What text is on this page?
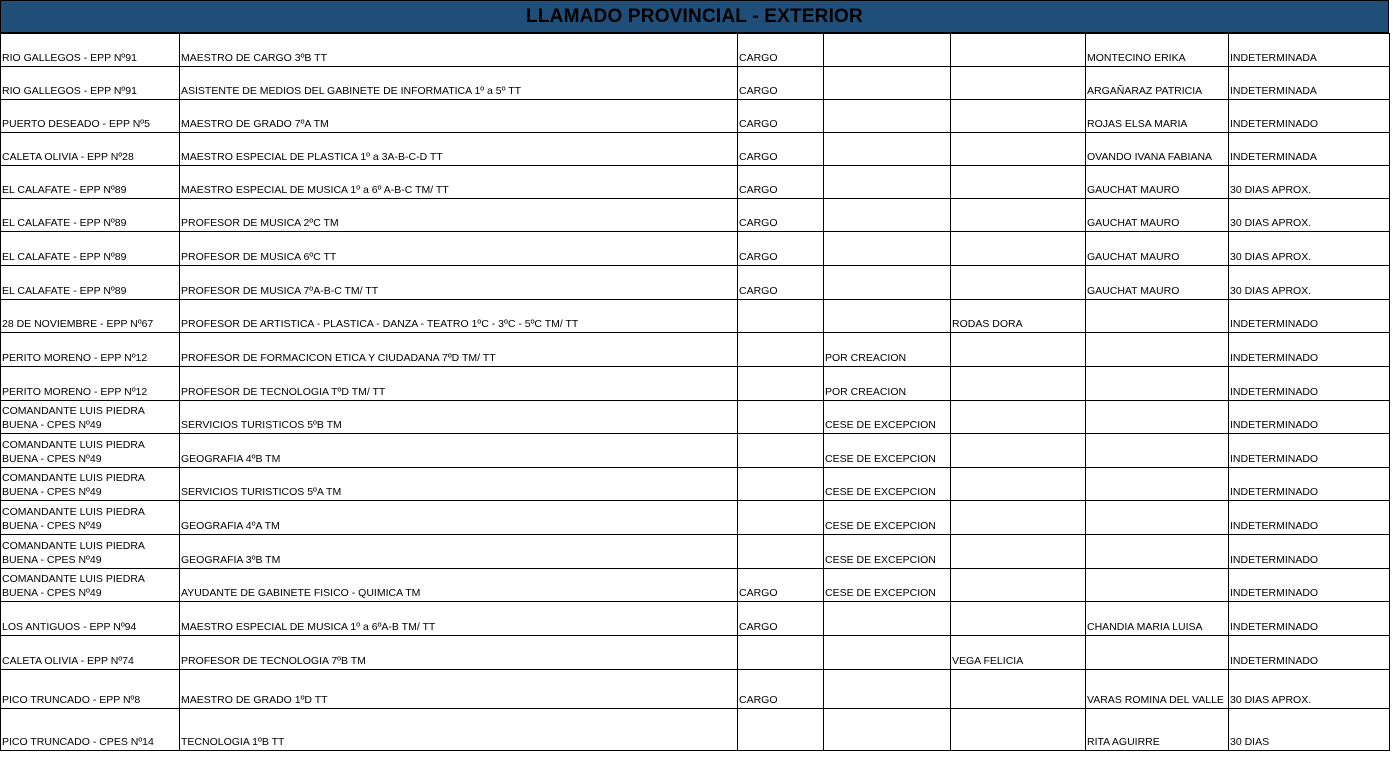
LLAMADO PROVINCIAL - EXTERIOR
RIO GALLEGOS - EPP Nº91	MAESTRO DE CARGO 3ºB TT	CARGO			MONTECINO ERIKA	INDETERMINADA
RIO GALLEGOS - EPP Nº91	ASISTENTE DE MEDIOS DEL GABINETE DE INFORMATICA 1º a 5º TT	CARGO			ARGAÑARAZ PATRICIA	INDETERMINADA
PUERTO DESEADO - EPP Nº5	MAESTRO DE GRADO 7ºA TM	CARGO			ROJAS ELSA MARIA	INDETERMINADO
CALETA OLIVIA - EPP Nº28	MAESTRO ESPECIAL DE PLASTICA 1º a 3A-B-C-D TT	CARGO			OVANDO IVANA FABIANA	INDETERMINADA
EL CALAFATE - EPP Nº89	MAESTRO ESPECIAL DE MUSICA 1º a 6º A-B-C TM/ TT	CARGO			GAUCHAT MAURO	30 DIAS APROX.
EL CALAFATE - EPP Nº89	PROFESOR DE MUSICA 2ºC TM	CARGO			GAUCHAT MAURO	30 DIAS APROX.
EL CALAFATE - EPP Nº89	PROFESOR DE MUSICA 6ºC TT	CARGO			GAUCHAT MAURO	30 DIAS APROX.
EL CALAFATE - EPP Nº89	PROFESOR DE MUSICA 7ºA-B-C TM/ TT	CARGO			GAUCHAT MAURO	30 DIAS APROX.
28 DE NOVIEMBRE - EPP Nº67	PROFESOR DE ARTISTICA - PLASTICA - DANZA - TEATRO 1ºC - 3ºC - 5ºC TM/ TT			RODAS DORA		INDETERMINADO
PERITO MORENO - EPP Nº12	PROFESOR DE FORMACICON ETICA Y CIUDADANA 7ºD TM/ TT		POR CREACION			INDETERMINADO
PERITO MORENO - EPP Nº12	PROFESOR DE TECNOLOGIA TºD TM/ TT		POR CREACION			INDETERMINADO
COMANDANTE LUIS PIEDRA BUENA - CPES Nº49	SERVICIOS TURISTICOS 5ºB TM		CESE DE EXCEPCION			INDETERMINADO
COMANDANTE LUIS PIEDRA BUENA - CPES Nº49	GEOGRAFIA 4ºB TM		CESE DE EXCEPCION			INDETERMINADO
COMANDANTE LUIS PIEDRA BUENA - CPES Nº49	SERVICIOS TURISTICOS 5ºA TM		CESE DE EXCEPCION			INDETERMINADO
COMANDANTE LUIS PIEDRA BUENA - CPES Nº49	GEOGRAFIA 4ºA TM		CESE DE EXCEPCION			INDETERMINADO
COMANDANTE LUIS PIEDRA BUENA - CPES Nº49	GEOGRAFIA 3ºB TM		CESE DE EXCEPCION			INDETERMINADO
COMANDANTE LUIS PIEDRA BUENA - CPES Nº49	AYUDANTE DE GABINETE FISICO - QUIMICA TM	CARGO	CESE DE EXCEPCION			INDETERMINADO
LOS ANTIGUOS - EPP Nº94	MAESTRO ESPECIAL DE MUSICA 1º a 6ºA-B TM/ TT	CARGO			CHANDIA MARIA LUISA	INDETERMINADO
CALETA OLIVIA - EPP Nº74	PROFESOR DE TECNOLOGIA 7ºB TM			VEGA FELICIA		INDETERMINADO
PICO TRUNCADO - EPP Nº8	MAESTRO DE GRADO 1ºD TT	CARGO			VARAS ROMINA DEL VALLE	30 DIAS APROX.
PICO TRUNCADO - CPES Nº14	TECNOLOGIA 1ºB TT				RITA AGUIRRE	30 DIAS
